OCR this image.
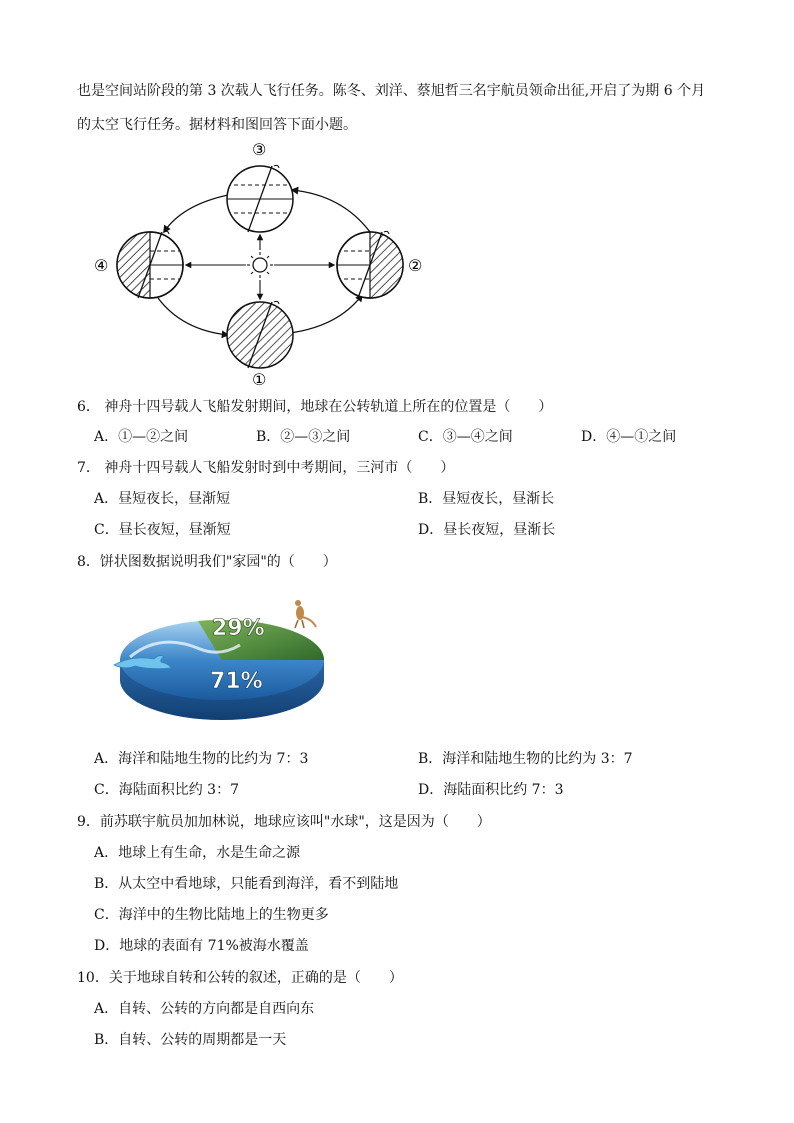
也是空间站阶段的第 3 次载人飞行任务。陈冬、刘洋、蔡旭哲三名宇航员领命出征,开启了为期 6 个月
的太空飞行任务。据材料和图回答下面小题。
③
④	②
①
6． 神舟十四号载人飞船发射期间，地球在公转轨道上所在的位置是（　　）
A．①—②之间	B．②—③之间	C．③—④之间	D．④—①之间
7． 神舟十四号载人飞船发射时到中考期间，三河市（　　）
A．昼短夜长，昼渐短	B．昼短夜长，昼渐长
C．昼长夜短，昼渐短	D．昼长夜短，昼渐长
8．饼状图数据说明我们"家园"的（　　）
29%
71%
A．海洋和陆地生物的比约为 7：3	B．海洋和陆地生物的比约为 3：7
C．海陆面积比约 3：7	D．海陆面积比约 7：3
9．前苏联宇航员加加林说，地球应该叫"水球"，这是因为（　　）
A．地球上有生命，水是生命之源
B．从太空中看地球，只能看到海洋，看不到陆地
C．海洋中的生物比陆地上的生物更多
D．地球的表面有 71%被海水覆盖
10．关于地球自转和公转的叙述，正确的是（　　）
A．自转、公转的方向都是自西向东
B．自转、公转的周期都是一天
